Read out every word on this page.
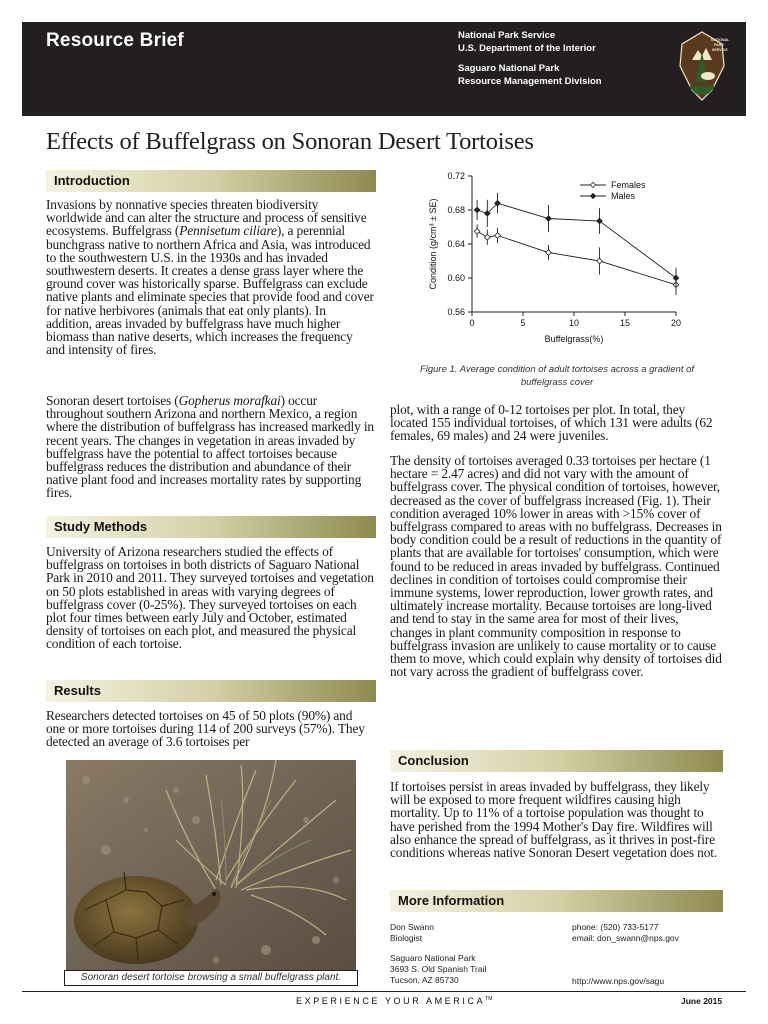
Resource Brief	National Park Service

U.S. Department of the Interior

Saguaro National Park

Resource Management Division

NATIONAL
PARK
SERVICE
Effects of Buffelgrass on Sonoran Desert Tortoises
Introduction

Invasions by nonnative species threaten biodiversity worldwide and can alter the structure and process of sensitive ecosystems. Buffelgrass (Pennisetum ciliare), a perennial bunchgrass native to northern Africa and Asia, was introduced to the southwestern U.S. in the 1930s and has invaded southwestern deserts. It creates a dense grass layer where the ground cover was historically sparse. Buffelgrass can exclude native plants and eliminate species that provide food and cover for native herbivores (animals that eat only plants). In addition, areas invaded by buffelgrass have much higher biomass than native deserts, which increases the frequency and intensity of fires.

Sonoran desert tortoises (Gopherus morafkai) occur throughout southern Arizona and northern Mexico, a region where the distribution of buffelgrass has increased markedly in recent years. The changes in vegetation in areas invaded by buffelgrass have the potential to affect tortoises because buffelgrass reduces the distribution and abundance of their native plant food and increases mortality rates by supporting fires.

Study Methods

University of Arizona researchers studied the effects of buffelgrass on tortoises in both districts of Saguaro National Park in 2010 and 2011. They surveyed tortoises and vegetation on 50 plots established in areas with varying degrees of buffelgrass cover (0-25%). They surveyed tortoises on each plot four times between early July and October, estimated density of tortoises on each plot, and measured the physical condition of each tortoise.

Results

Researchers detected tortoises on 45 of 50 plots (90%) and one or more tortoises during 114 of 200 surveys (57%). They detected an average of 3.6 tortoises per

Sonoran desert tortoise browsing a small buffelgrass plant.
0.56
0.60
0.64
0.68
0.72
0	5	10	15	20
Buffelgrass(%)
Condition (g/cm³ ± SE)
Females
Males
Figure 1. Average condition of adult tortoises across a gradient of buffelgrass cover

plot, with a range of 0-12 tortoises per plot. In total, they located 155 individual tortoises, of which 131 were adults (62 females, 69 males) and 24 were juveniles.

The density of tortoises averaged 0.33 tortoises per hectare (1 hectare = 2.47 acres) and did not vary with the amount of buffelgrass cover. The physical condition of tortoises, however, decreased as the cover of buffelgrass increased (Fig. 1). Their condition averaged 10% lower in areas with >15% cover of buffelgrass compared to areas with no buffelgrass. Decreases in body condition could be a result of reductions in the quantity of plants that are available for tortoises' consumption, which were found to be reduced in areas invaded by buffelgrass. Continued declines in condition of tortoises could compromise their immune systems, lower reproduction, lower growth rates, and ultimately increase mortality. Because tortoises are long-lived and tend to stay in the same area for most of their lives, changes in plant community composition in response to buffelgrass invasion are unlikely to cause mortality or to cause them to move, which could explain why density of tortoises did not vary across the gradient of buffelgrass cover.

Conclusion

If tortoises persist in areas invaded by buffelgrass, they likely will be exposed to more frequent wildfires causing high mortality. Up to 11% of a tortoise population was thought to have perished from the 1994 Mother's Day fire. Wildfires will also enhance the spread of buffelgrass, as it thrives in post-fire conditions whereas native Sonoran Desert vegetation does not.

More Information

Don Swann

Biologist

Saguaro National Park

3693 S. Old Spanish Trail

Tucson, AZ 85730

phone: (520) 733-5177

email: don_swann@nps.gov

http://www.nps.gov/sagu
EXPERIENCE YOUR AMERICA™	June 2015
